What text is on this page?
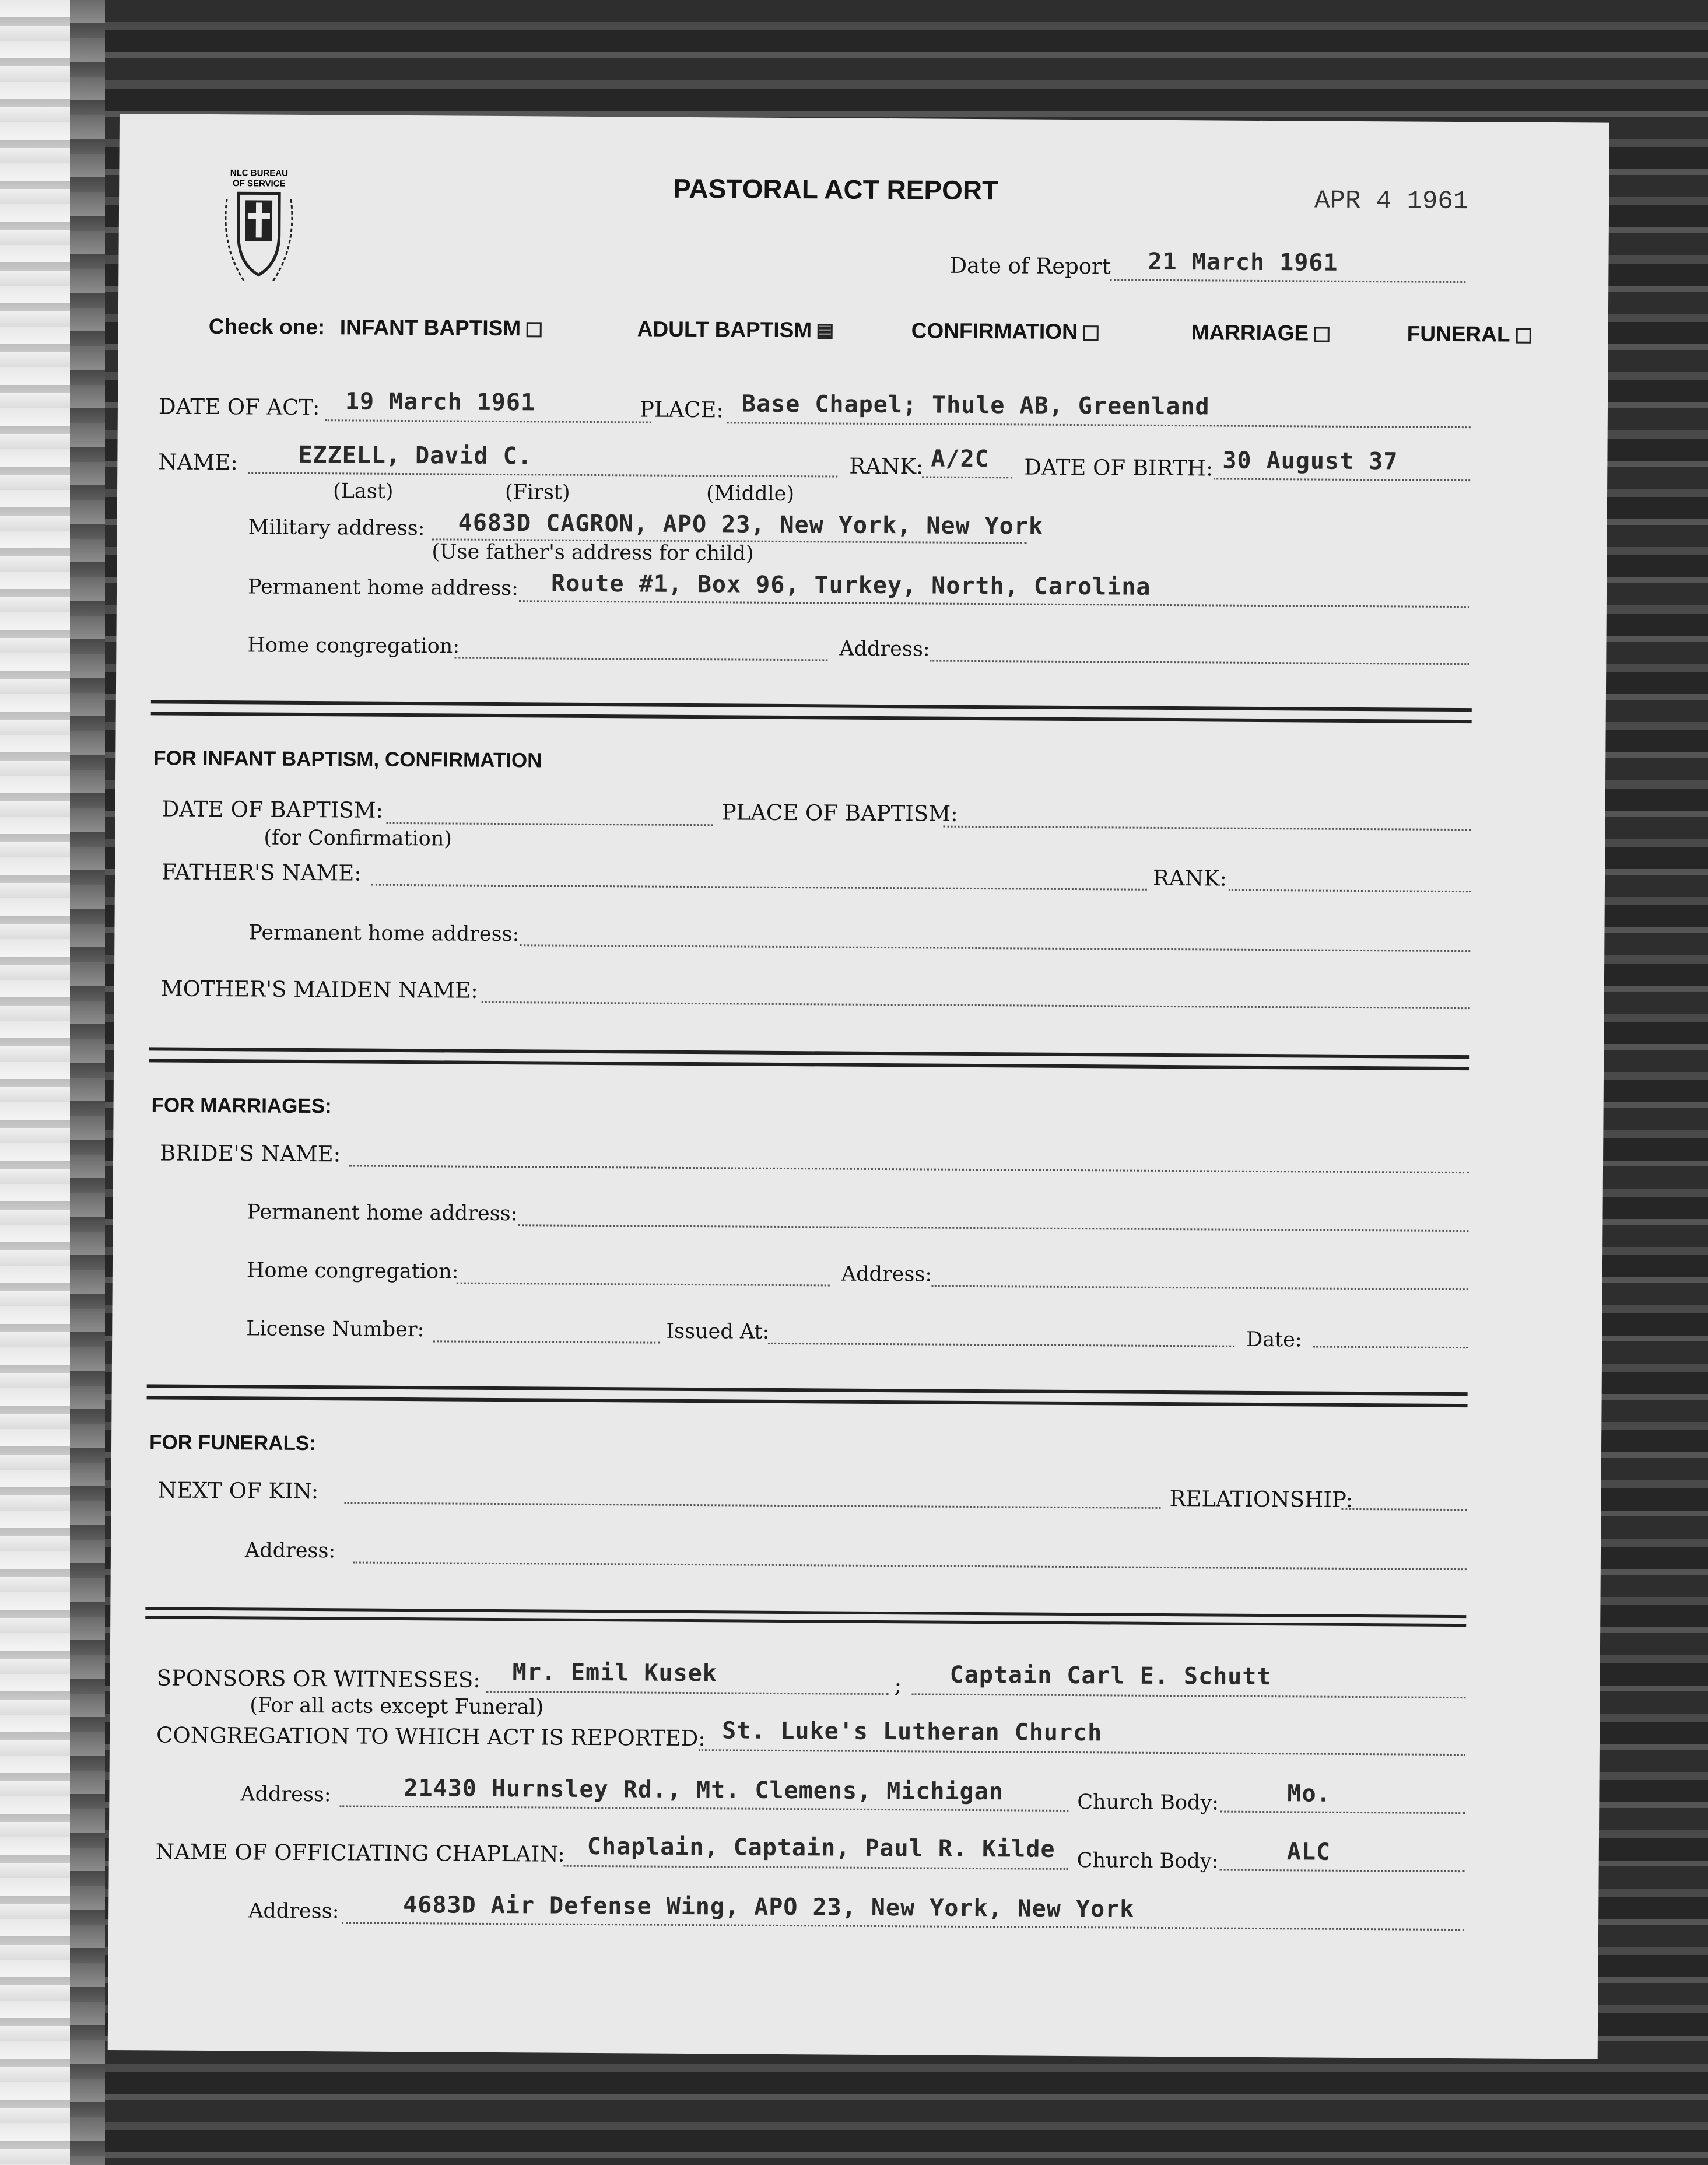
NLC BUREAU
OF SERVICE	PASTORAL ACT REPORT	APR 4 1961
Date of Report 21 March 1961
Check one: INFANT BAPTISM	ADULT BAPTISM	CONFIRMATION	MARRIAGE	FUNERAL
DATE OF ACT: 19 March 1961	PLACE: Base Chapel; Thule AB, Greenland
NAME:	EZZELL, David C.
(Last)	(First)	(Middle)
RANK: A/2C DATE OF BIRTH: 30 August 37
Military address: 4683D CAGRON, APO 23, New York, New York
(Use father's address for child)
Permanent home address: Route #1, Box 96, Turkey, North, Carolina
Home congregation:	Address:
FOR INFANT BAPTISM, CONFIRMATION
DATE OF BAPTISM:
(for Confirmation)
PLACE OF BAPTISM:
FATHER'S NAME:	RANK:
Permanent home address:
MOTHER'S MAIDEN NAME:
FOR MARRIAGES:
BRIDE'S NAME:
Permanent home address:
Home congregation:	Address:
License Number:	Issued At:	Date:
FOR FUNERALS:
NEXT OF KIN:	RELATIONSHIP:
Address:
SPONSORS OR WITNESSES: Mr. Emil Kusek	; Captain Carl E. Schutt
(For all acts except Funeral)
CONGREGATION TO WHICH ACT IS REPORTED: St. Luke's Lutheran Church
Address:	21430 Hurnsley Rd., Mt. Clemens, Michigan	Church Body:	Mo.
NAME OF OFFICIATING CHAPLAIN: Chaplain, Captain, Paul R. Kilde Church Body:	ALC
Address:	4683D Air Defense Wing, APO 23, New York, New York
